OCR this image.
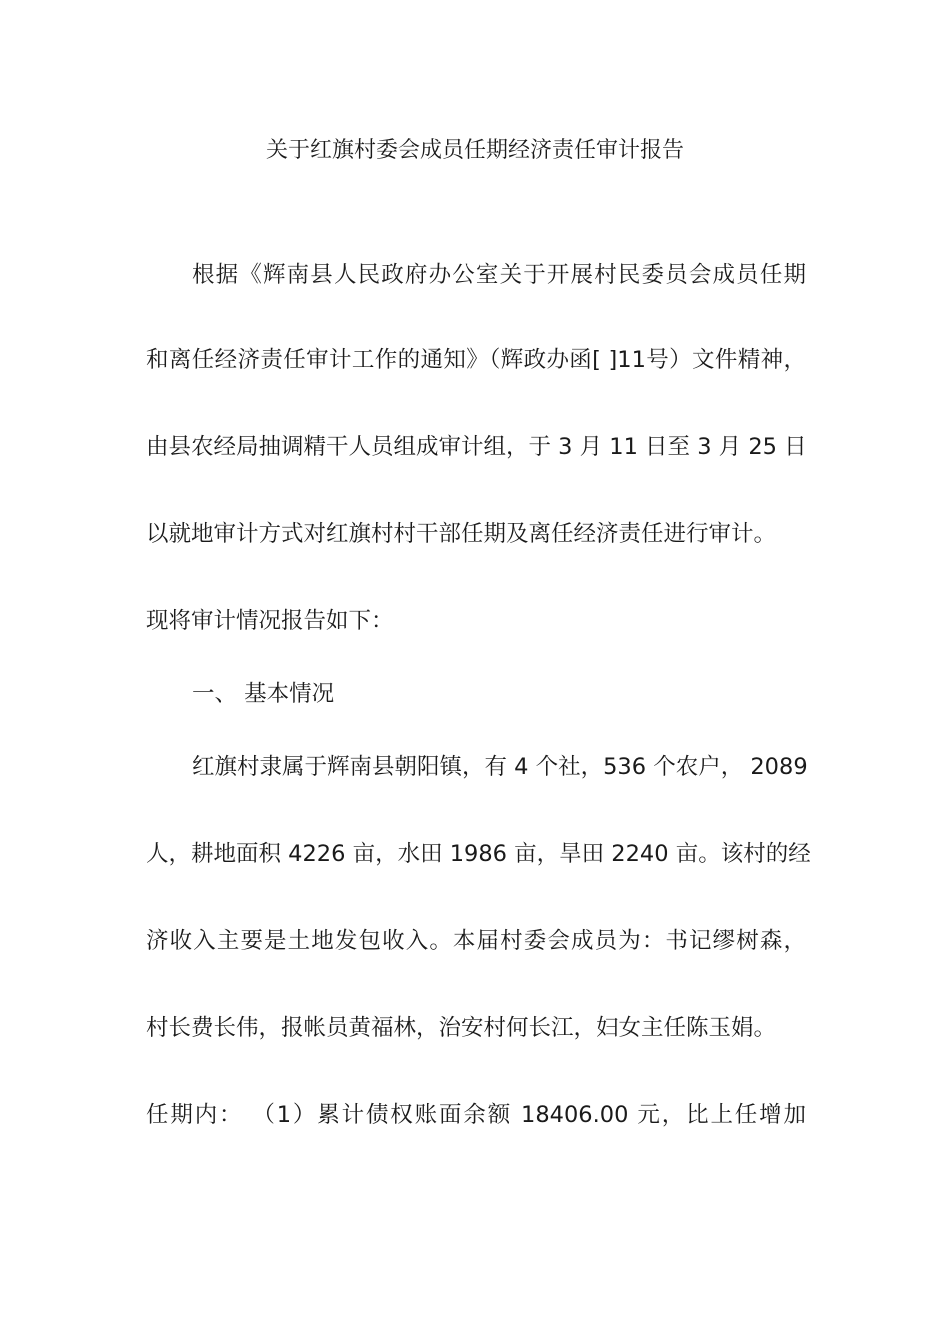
关于红旗村委会成员任期经济责任审计报告
根据《辉南县人民政府办公室关于开展村民委员会成员任期
和离任经济责任审计工作的通知》（辉政办函[ ]11号）文件精神，
由县农经局抽调精干人员组成审计组，于 3 月 11 日至 3 月 25 日
以就地审计方式对红旗村村干部任期及离任经济责任进行审计。
现将审计情况报告如下：
一、 基本情况
红旗村隶属于辉南县朝阳镇，有 4 个社，536 个农户， 2089
人，耕地面积 4226 亩，水田 1986 亩，旱田 2240 亩。该村的经
济收入主要是土地发包收入。本届村委会成员为：书记缪树森，
村长费长伟，报帐员黄福林，治安村何长江，妇女主任陈玉娟。
任期内： （1）累计债权账面余额 18406.00 元，比上任增加
